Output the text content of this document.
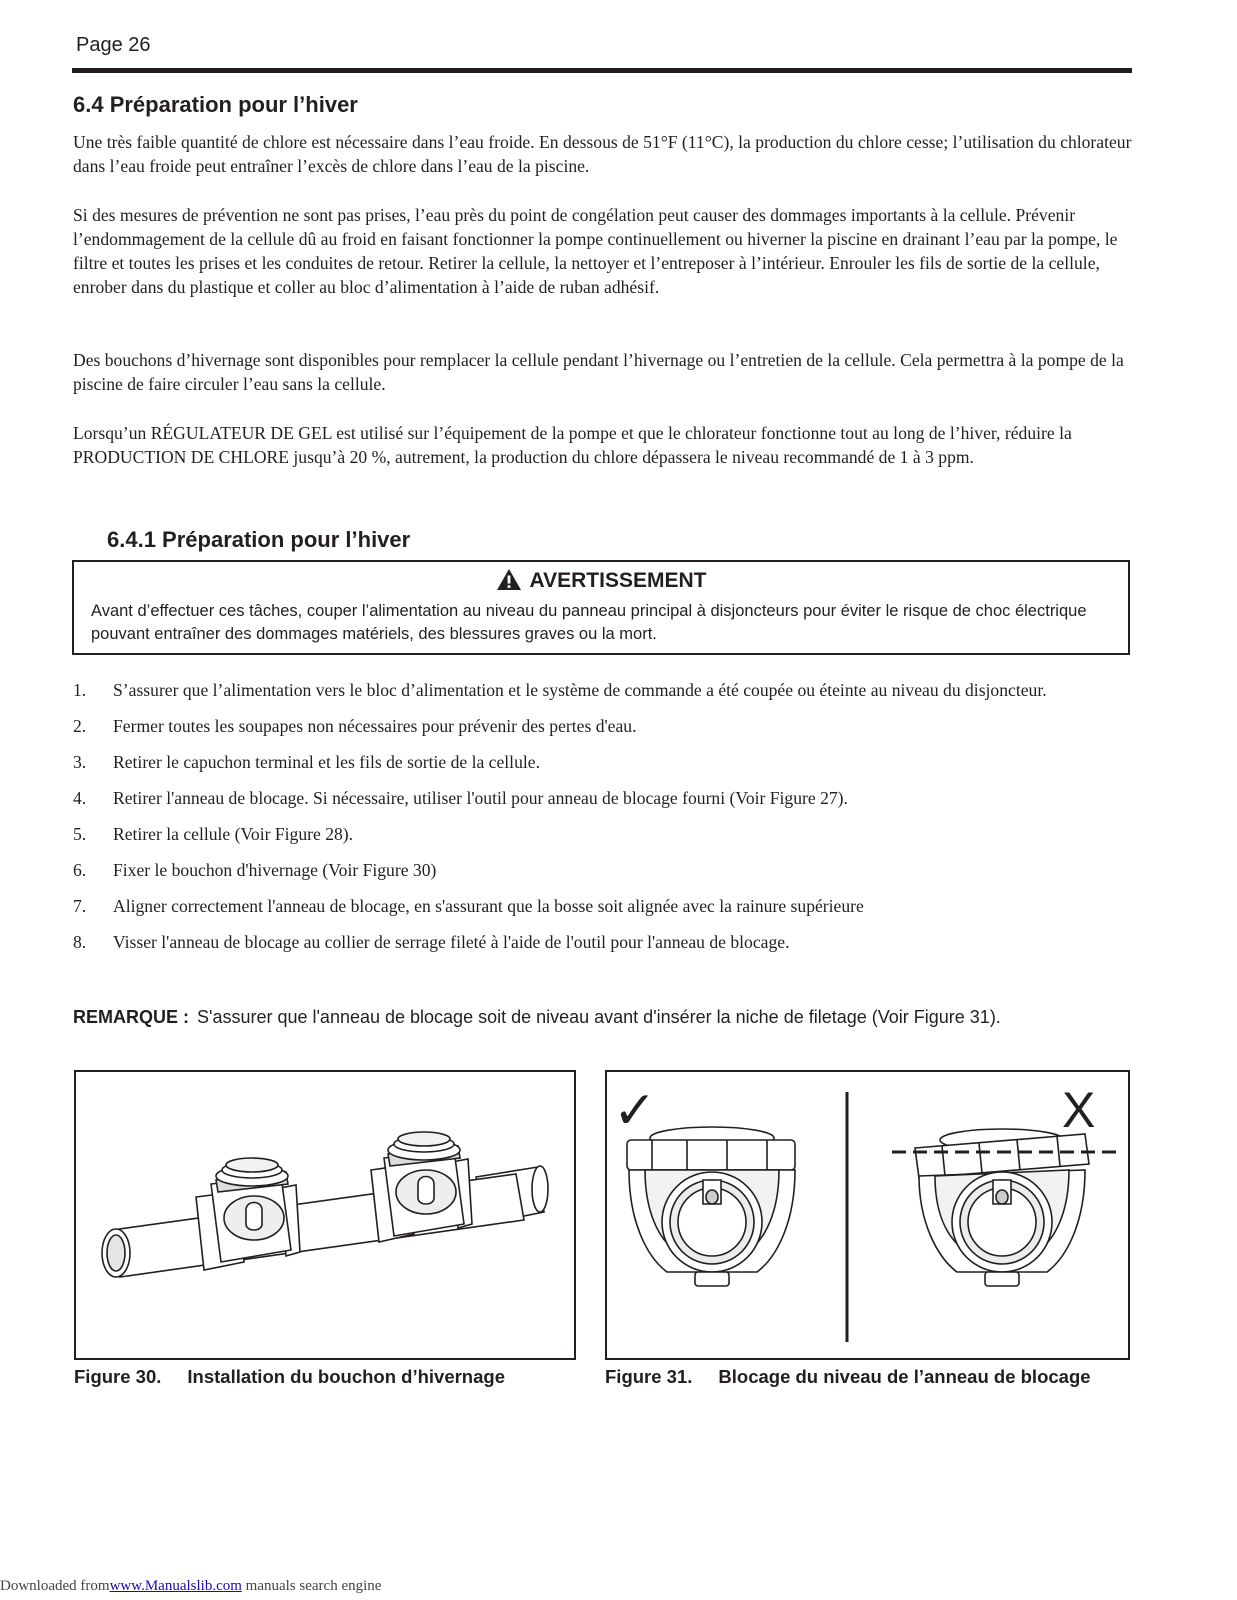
Page 26
6.4 Préparation pour l’hiver

Une très faible quantité de chlore est nécessaire dans l’eau froide. En dessous de 51°F (11°C), la production du chlore cesse; l’utilisation du chlorateur dans l’eau froide peut entraîner l’excès de chlore dans l’eau de la piscine.

Si des mesures de prévention ne sont pas prises, l’eau près du point de congélation peut causer des dommages importants à la cellule. Prévenir l’endommagement de la cellule dû au froid en faisant fonctionner la pompe continuellement ou hiverner la piscine en drainant l’eau par la pompe, le filtre et toutes les prises et les conduites de retour. Retirer la cellule, la nettoyer et l’entreposer à l’intérieur. Enrouler les fils de sortie de la cellule, enrober dans du plastique et coller au bloc d’alimentation à l’aide de ruban adhésif.

Des bouchons d’hivernage sont disponibles pour remplacer la cellule pendant l’hivernage ou l’entretien de la cellule. Cela permettra à la pompe de la piscine de faire circuler l’eau sans la cellule.

Lorsqu’un RÉGULATEUR DE GEL est utilisé sur l’équipement de la pompe et que le chlorateur fonctionne tout au long de l’hiver, réduire la PRODUCTION DE CHLORE jusqu’à 20 %, autrement, la production du chlore dépassera le niveau recommandé de 1 à 3 ppm.

6.4.1 Préparation pour l’hiver
AVERTISSEMENT
Avant d’effectuer ces tâches, couper l’alimentation au niveau du panneau principal à disjoncteurs pour éviter le risque de choc électrique pouvant entraîner des dommages matériels, des blessures graves ou la mort.
1. S’assurer que l’alimentation vers le bloc d’alimentation et le système de commande a été coupée ou éteinte au niveau du disjoncteur.
2. Fermer toutes les soupapes non nécessaires pour prévenir des pertes d'eau.
3. Retirer le capuchon terminal et les fils de sortie de la cellule.
4. Retirer l'anneau de blocage. Si nécessaire, utiliser l'outil pour anneau de blocage fourni (Voir Figure 27).
5. Retirer la cellule (Voir Figure 28).
6. Fixer le bouchon d'hivernage (Voir Figure 30)
7. Aligner correctement l'anneau de blocage, en s'assurant que la bosse soit alignée avec la rainure supérieure
8. Visser l'anneau de blocage au collier de serrage fileté à l'aide de l'outil pour l'anneau de blocage.
REMARQUE : S'assurer que l'anneau de blocage soit de niveau avant d'insérer la niche de filetage (Voir Figure 31).
Figure 30. Installation du bouchon d’hivernage
✓	X
Figure 31. Blocage du niveau de l’anneau de blocage
Downloaded fromwww.Manualslib.com manuals search engine
